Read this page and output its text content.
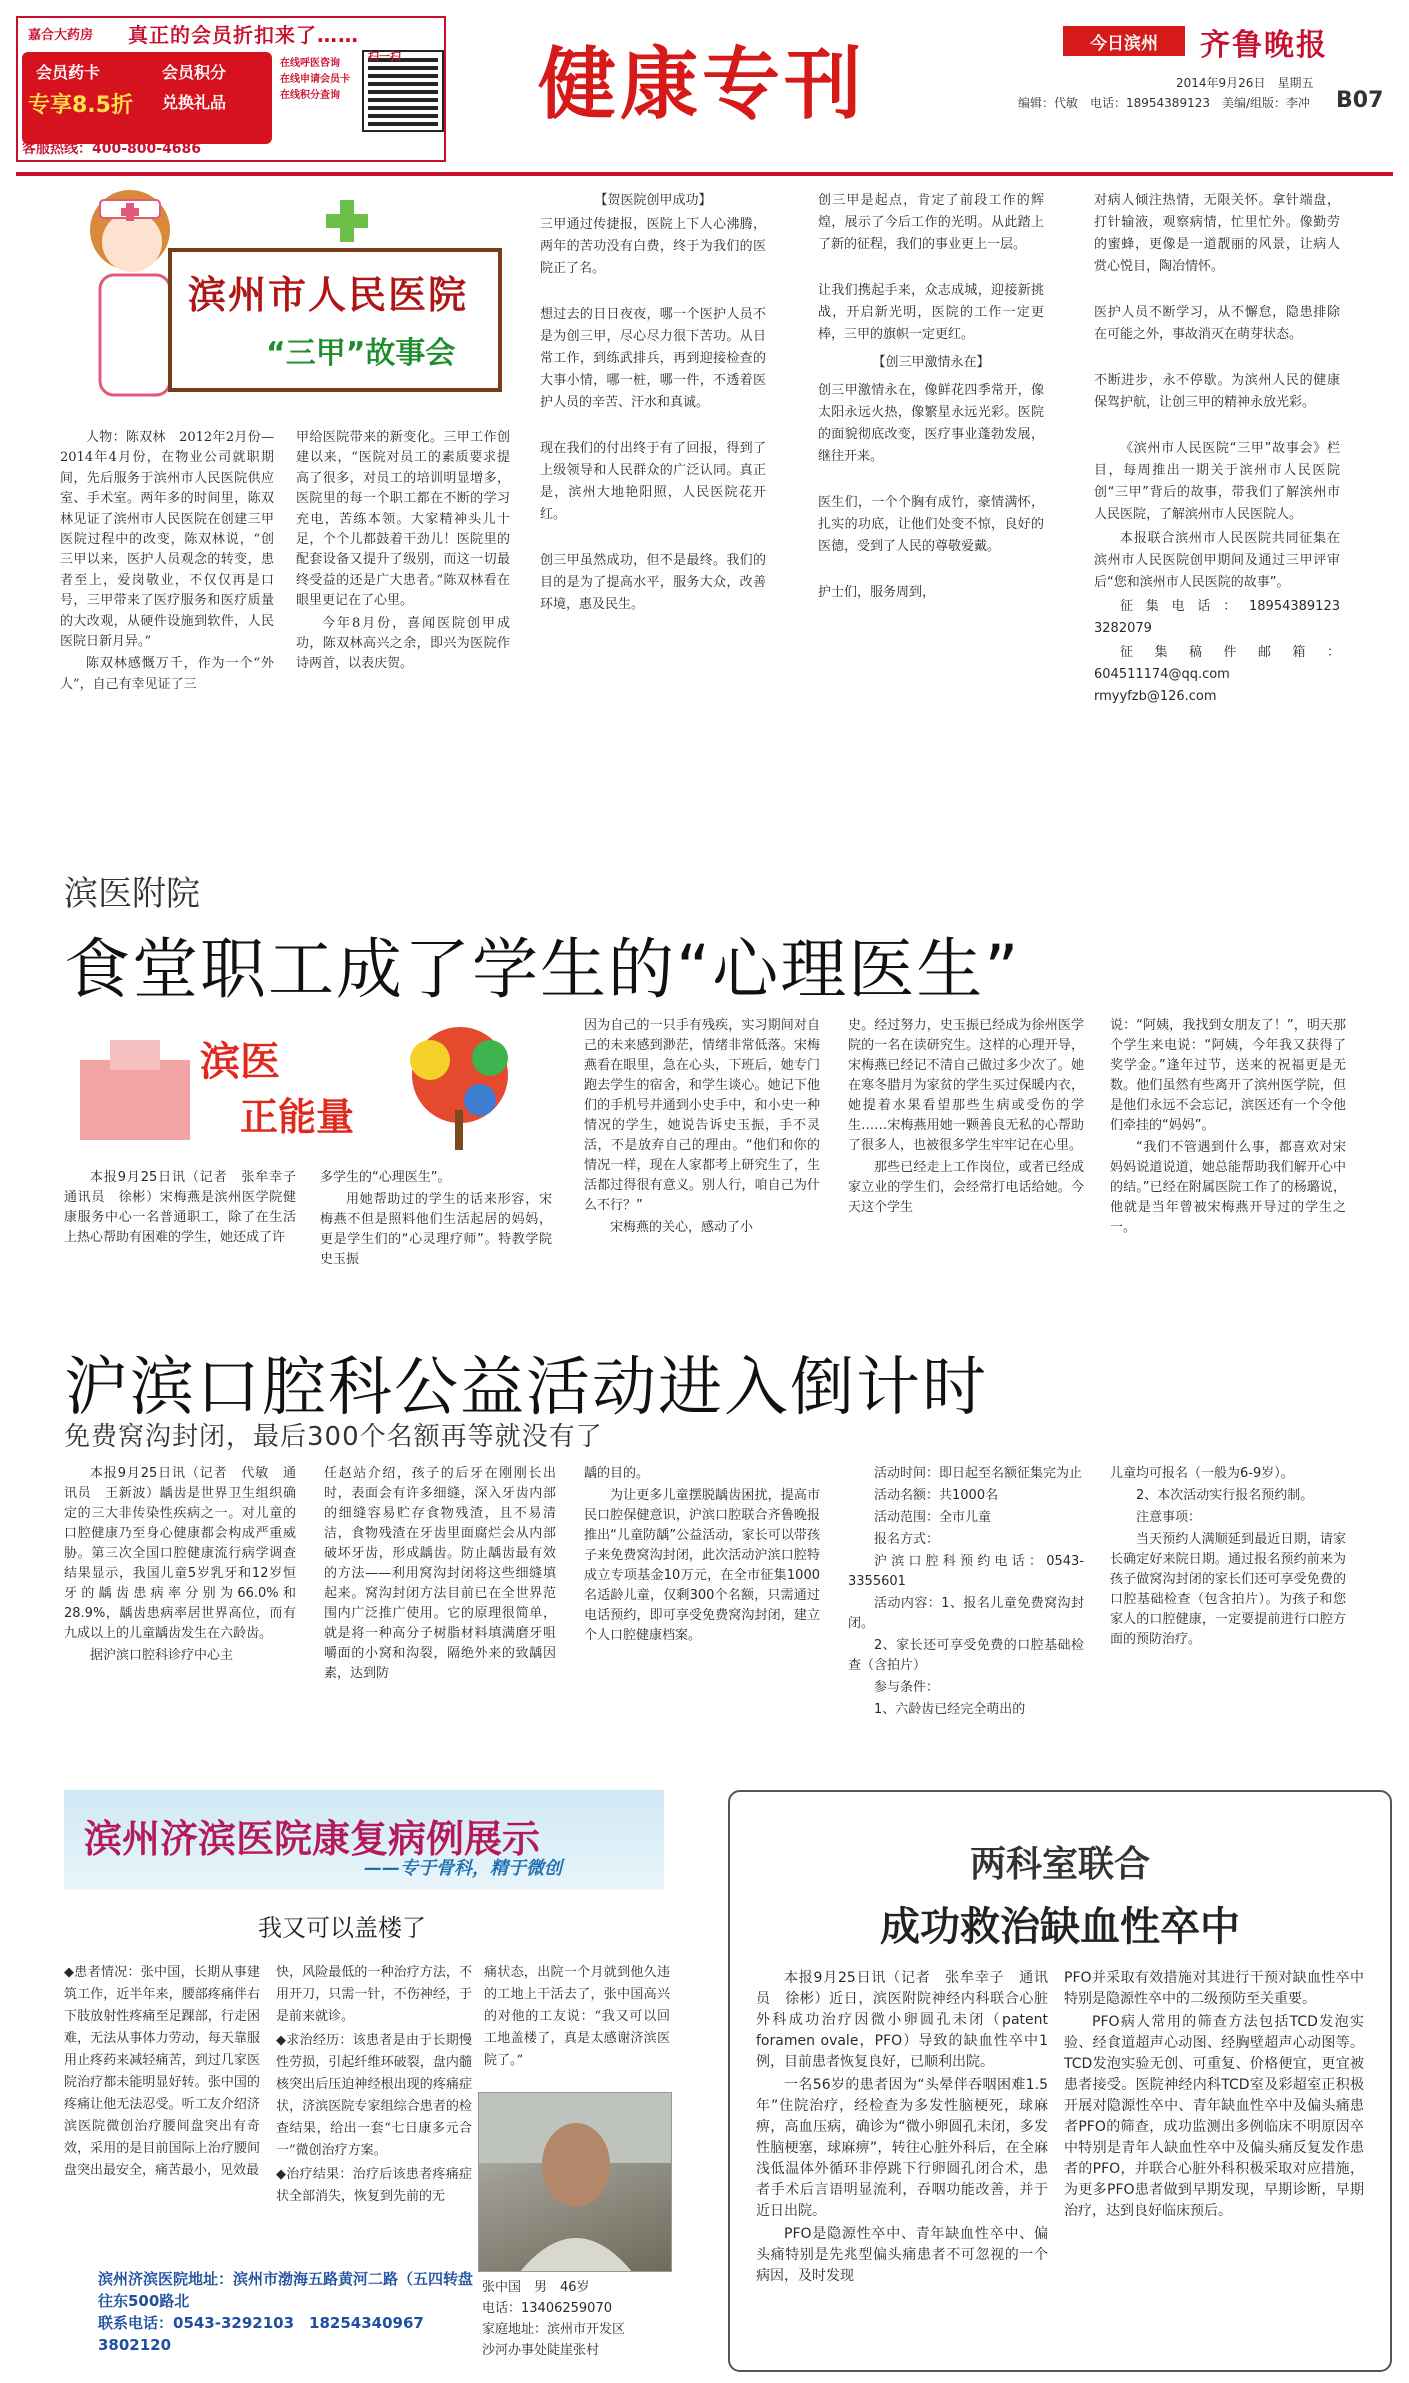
嘉合大药房	真正的会员折扣来了……
会员药卡
专享8.5折
会员积分
兑换礼品
在线呼医咨询
在线申请会员卡
在线积分查询
扫一扫
客服热线：400-800-4686
健康专刊	今日滨州	齐鲁晚报
2014年9月26日　星期五
编辑：代敏　电话：18954389123　美编/组版：李冲 B07
滨州市人民医院
“三甲”故事会

人物：陈双林　2012年2月份—2014年4月份，在物业公司就职期间，先后服务于滨州市人民医院供应室、手术室。两年多的时间里，陈双林见证了滨州市人民医院在创建三甲医院过程中的改变，陈双林说，“创三甲以来，医护人员观念的转变，患者至上，爱岗敬业，不仅仅再是口号，三甲带来了医疗服务和医疗质量的大改观，从硬件设施到软件，人民医院日新月异。”

陈双林感慨万千，作为一个“外人”，自己有幸见证了三

甲给医院带来的新变化。三甲工作创建以来，“医院对员工的素质要求提高了很多，对员工的培训明显增多，医院里的每一个职工都在不断的学习充电，苦练本领。大家精神头儿十足，个个儿都鼓着干劲儿！医院里的配套设备又提升了级别，而这一切最终受益的还是广大患者。”陈双林看在眼里更记在了心里。

今年8月份，喜闻医院创甲成功，陈双林高兴之余，即兴为医院作诗两首，以表庆贺。

【贺医院创甲成功】

三甲通过传捷报，医院上下人心沸腾，两年的苦功没有白费，终于为我们的医院正了名。

想过去的日日夜夜，哪一个医护人员不是为创三甲，尽心尽力很下苦功。从日常工作，到练武排兵，再到迎接检查的大事小情，哪一桩，哪一件，不透着医护人员的辛苦、汗水和真诚。

现在我们的付出终于有了回报，得到了上级领导和人民群众的广泛认同。真正是，滨州大地艳阳照，人民医院花开红。

创三甲虽然成功，但不是最终。我们的目的是为了提高水平，服务大众，改善环境，惠及民生。

创三甲是起点，肯定了前段工作的辉煌，展示了今后工作的光明。从此踏上了新的征程，我们的事业更上一层。

让我们携起手来，众志成城，迎接新挑战，开启新光明，医院的工作一定更棒，三甲的旗帜一定更红。

【创三甲激情永在】

创三甲激情永在，像鲜花四季常开，像太阳永远火热，像繁星永远光彩。医院的面貌彻底改变，医疗事业蓬勃发展，继往开来。

医生们，一个个胸有成竹，豪情满怀，扎实的功底，让他们处变不惊，良好的医德，受到了人民的尊敬爱戴。

护士们，服务周到，

对病人倾注热情，无限关怀。拿针端盘，打针输液，观察病情，忙里忙外。像勤劳的蜜蜂，更像是一道靓丽的风景，让病人赏心悦目，陶冶情怀。

医护人员不断学习，从不懈怠，隐患排除在可能之外，事故消灭在萌芽状态。

不断进步，永不停歇。为滨州人民的健康保驾护航，让创三甲的精神永放光彩。

《滨州市人民医院“三甲”故事会》栏目，每周推出一期关于滨州市人民医院创“三甲”背后的故事，带我们了解滨州市人民医院，了解滨州市人民医院人。

本报联合滨州市人民医院共同征集在滨州市人民医院创甲期间及通过三甲评审后“您和滨州市人民医院的故事”。

征集电话：18954389123　3282079

征集稿件邮箱：604511174@qq.com　rmyyfzb@126.com

滨医附院
食堂职工成了学生的“心理医生”
滨医
正能量

本报9月25日讯（记者　张牟幸子　通讯员　徐彬）宋梅燕是滨州医学院健康服务中心一名普通职工，除了在生活上热心帮助有困难的学生，她还成了许

多学生的“心理医生”。

用她帮助过的学生的话来形容，宋梅燕不但是照料他们生活起居的妈妈，更是学生们的“心灵理疗师”。特教学院史玉振

因为自己的一只手有残疾，实习期间对自己的未来感到渺茫，情绪非常低落。宋梅燕看在眼里，急在心头，下班后，她专门跑去学生的宿舍，和学生谈心。她记下他们的手机号并通到小史手中，和小史一种情况的学生，她说告诉史玉振，手不灵活，不是放弃自己的理由。“他们和你的情况一样，现在人家都考上研究生了，生活都过得很有意义。别人行，咱自己为什么不行？”

宋梅燕的关心，感动了小

史。经过努力，史玉振已经成为徐州医学院的一名在读研究生。这样的心理开导，宋梅燕已经记不清自己做过多少次了。她在寒冬腊月为家贫的学生买过保暖内衣，她提着水果看望那些生病或受伤的学生……宋梅燕用她一颗善良无私的心帮助了很多人，也被很多学生牢牢记在心里。

那些已经走上工作岗位，或者已经成家立业的学生们，会经常打电话给她。今天这个学生

说：“阿姨，我找到女朋友了！”，明天那个学生来电说：“阿姨，今年我又获得了奖学金。”逢年过节，送来的祝福更是无数。他们虽然有些离开了滨州医学院，但是他们永远不会忘记，滨医还有一个令他们牵挂的“妈妈”。

“我们不管遇到什么事，都喜欢对宋妈妈说道说道，她总能帮助我们解开心中的结。”已经在附属医院工作了的杨璐说，他就是当年曾被宋梅燕开导过的学生之一。

沪滨口腔科公益活动进入倒计时
免费窝沟封闭，最后300个名额再等就没有了

本报9月25日讯（记者　代敏　通讯员　王新波）龋齿是世界卫生组织确定的三大非传染性疾病之一。对儿童的口腔健康乃至身心健康都会构成严重威胁。第三次全国口腔健康流行病学调查结果显示，我国儿童5岁乳牙和12岁恒牙的龋齿患病率分别为66.0%和28.9%，龋齿患病率居世界高位，而有九成以上的儿童龋齿发生在六龄齿。

据沪滨口腔科诊疗中心主

任赵站介绍，孩子的后牙在刚刚长出时，表面会有许多细缝，深入牙齿内部的细缝容易贮存食物残渣，且不易清洁，食物残渣在牙齿里面腐烂会从内部破坏牙齿，形成龋齿。防止龋齿最有效的方法——利用窝沟封闭将这些细缝填起来。窝沟封闭方法目前已在全世界范围内广泛推广使用。它的原理很简单，就是将一种高分子树脂材料填满磨牙咀嚼面的小窝和沟裂，隔绝外来的致龋因素，达到防

龋的目的。

为让更多儿童摆脱龋齿困扰，提高市民口腔保健意识，沪滨口腔联合齐鲁晚报推出“儿童防龋”公益活动，家长可以带孩子来免费窝沟封闭，此次活动沪滨口腔特成立专项基金10万元，在全市征集1000名适龄儿童，仅剩300个名额，只需通过电话预约，即可享受免费窝沟封闭，建立个人口腔健康档案。

活动时间：即日起至名额征集完为止

活动名额：共1000名

活动范围：全市儿童

报名方式：

沪滨口腔科预约电话：0543-3355601

活动内容：1、报名儿童免费窝沟封闭。

2、家长还可享受免费的口腔基础检查（含拍片）

参与条件：

1、六龄齿已经完全萌出的

儿童均可报名（一般为6-9岁）。

2、本次活动实行报名预约制。

注意事项：

当天预约人满顺延到最近日期，请家长确定好来院日期。通过报名预约前来为孩子做窝沟封闭的家长们还可享受免费的口腔基础检查（包含拍片）。为孩子和您家人的口腔健康，一定要提前进行口腔方面的预防治疗。

滨州济滨医院康复病例展示
——专于骨科，精于微创
我又可以盖楼了

◆患者情况：张中国，长期从事建筑工作，近半年来，腰部疼痛伴右下肢放射性疼痛至足踝部，行走困难，无法从事体力劳动，每天靠服用止疼药来减轻痛苦，到过几家医院治疗都未能明显好转。张中国的疼痛让他无法忍受。听工友介绍济滨医院微创治疗腰间盘突出有奇效，采用的是目前国际上治疗腰间盘突出最安全，痛苦最小，见效最

快，风险最低的一种治疗方法，不用开刀，只需一针，不伤神经，于是前来就诊。

◆求治经历：该患者是由于长期慢性劳损，引起纤维环破裂，盘内髓核突出后压迫神经根出现的疼痛症状，济滨医院专家组综合患者的检查结果，给出一套“七日康多元合一”微创治疗方案。

◆治疗结果：治疗后该患者疼痛症状全部消失，恢复到先前的无

痛状态，出院一个月就到他久违的工地上干活去了，张中国高兴的对他的工友说：“我又可以回工地盖楼了，真是太感谢济滨医院了。”

张中国　男　46岁

电话：13406259070

家庭地址：滨州市开发区

沙河办事处陡崖张村

滨州济滨医院地址：滨州市渤海五路黄河二路（五四转盘往东500路北

联系电话：0543-3292103　18254340967　3802120

两科室联合
成功救治缺血性卒中

本报9月25日讯（记者　张牟幸子　通讯员　徐彬）近日，滨医附院神经内科联合心脏外科成功治疗因微小卵圆孔未闭（patent foramen ovale，PFO）导致的缺血性卒中1例，目前患者恢复良好，已顺利出院。

一名56岁的患者因为“头晕伴吞咽困难1.5年”住院治疗，经检查为多发性脑梗死，球麻痹，高血压病，确诊为“微小卵圆孔未闭，多发性脑梗塞，球麻痹”，转往心脏外科后，在全麻浅低温体外循环非停跳下行卵圆孔闭合术，患者手术后言语明显流利，吞咽功能改善，并于近日出院。

PFO是隐源性卒中、青年缺血性卒中、偏头痛特别是先兆型偏头痛患者不可忽视的一个病因，及时发现

PFO并采取有效措施对其进行干预对缺血性卒中特别是隐源性卒中的二级预防至关重要。

PFO病人常用的筛查方法包括TCD发泡实验、经食道超声心动图、经胸壁超声心动图等。TCD发泡实验无创、可重复、价格便宜，更宜被患者接受。医院神经内科TCD室及彩超室正积极开展对隐源性卒中、青年缺血性卒中及偏头痛患者PFO的筛查，成功监测出多例临床不明原因卒中特别是青年人缺血性卒中及偏头痛反复发作患者的PFO，并联合心脏外科积极采取对应措施，为更多PFO患者做到早期发现，早期诊断，早期治疗，达到良好临床预后。
